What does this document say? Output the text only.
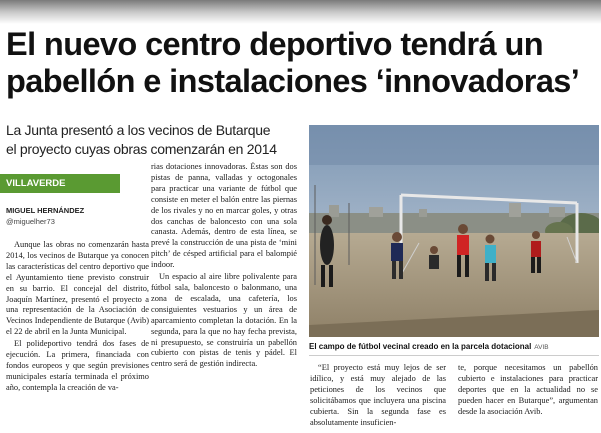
El nuevo centro deportivo tendrá un
pabellón e instalaciones ‘innovadoras’
La Junta presentó a los vecinos de Butarque
el proyecto cuyas obras comenzarán en 2014
VILLAVERDE
MIGUEL HERNÁNDEZ
@miguelher73

Aunque las obras no comenzarán hasta 2014, los vecinos de Butarque ya conocen las características del centro deportivo que el Ayuntamiento tiene previsto construir en su barrio. El concejal del distrito, Joaquín Martínez, presentó el proyecto a una representación de la Asociación de Vecinos Independiente de Butarque (Avib) el 22 de abril en la Junta Municipal.

El polideportivo tendrá dos fases de ejecución. La primera, financiada con fondos europeos y que según previsiones municipales estaría terminada el próximo año, contempla la creación de va-

rias dotaciones innovadoras. Éstas son dos pistas de panna, valladas y octogonales para practicar una variante de fútbol que consiste en meter el balón entre las piernas de los rivales y no en marcar goles, y otras dos canchas de baloncesto con una sola canasta. Además, dentro de esta línea, se prevé la construcción de una pista de ‘mini pitch’ de césped artificial para el balompié indoor.

Un espacio al aire libre polivalente para fútbol sala, baloncesto o balonmano, una zona de escalada, una cafetería, los consiguientes vestuarios y un área de aparcamiento completan la dotación. En la segunda, para la que no hay fecha prevista, ni presupuesto, se construiría un pabellón cubierto con pistas de tenis y pádel. El centro será de gestión indirecta.

El campo de fútbol vecinal creado en la parcela dotacional AVIB

“El proyecto está muy lejos de ser idílico, y está muy alejado de las peticiones de los vecinos que solicitábamos que incluyera una piscina cubierta. Sin la segunda fase es absolutamente insuficien-

te, porque necesitamos un pabellón cubierto e instalaciones para practicar deportes que en la actualidad no se pueden hacer en Butarque”, argumentan desde la asociación Avib.
